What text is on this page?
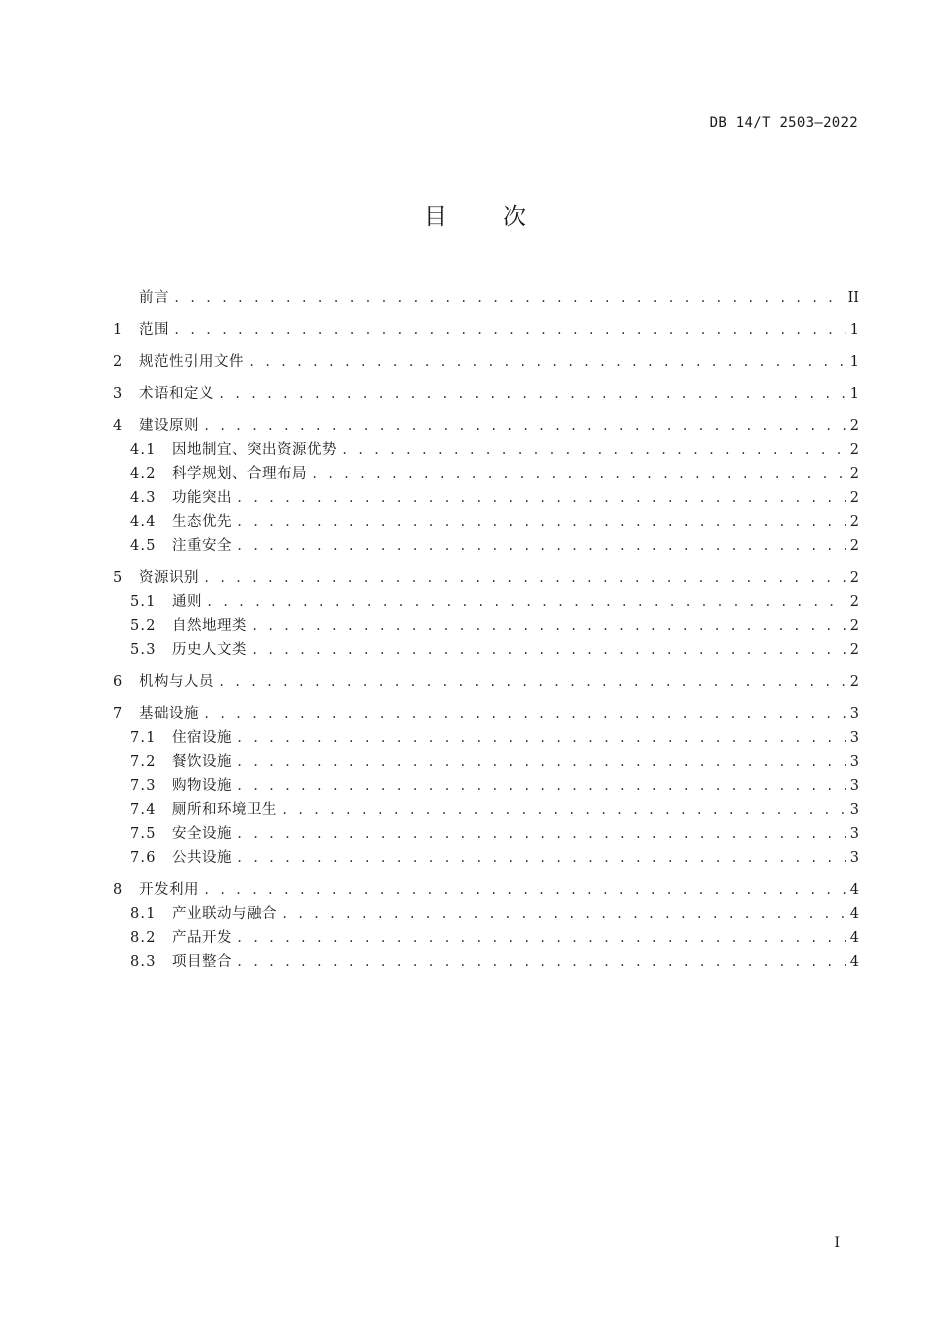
DB 14/T 2503—2022
目 次
前言 . . .	II
1	范围 . . .	1
2	规范性引用文件 . . .	1
3	术语和定义 . . .	1
4	建设原则 . . .	2
4.1	因地制宜、突出资源优势 . . .	2
4.2	科学规划、合理布局 . . .	2
4.3	功能突出 . . .	2
4.4	生态优先 . . .	2
4.5	注重安全 . . .	2
5	资源识别 . . .	2
5.1	通则 . . .	2
5.2	自然地理类 . . .	2
5.3	历史人文类 . . .	2
6	机构与人员 . . .	2
7	基础设施 . . .	3
7.1	住宿设施 . . .	3
7.2	餐饮设施 . . .	3
7.3	购物设施 . . .	3
7.4	厕所和环境卫生 . . .	3
7.5	安全设施 . . .	3
7.6	公共设施 . . .	3
8	开发利用 . . .	4
8.1	产业联动与融合 . . .	4
8.2	产品开发 . . .	4
8.3	项目整合 . . .	4
I
